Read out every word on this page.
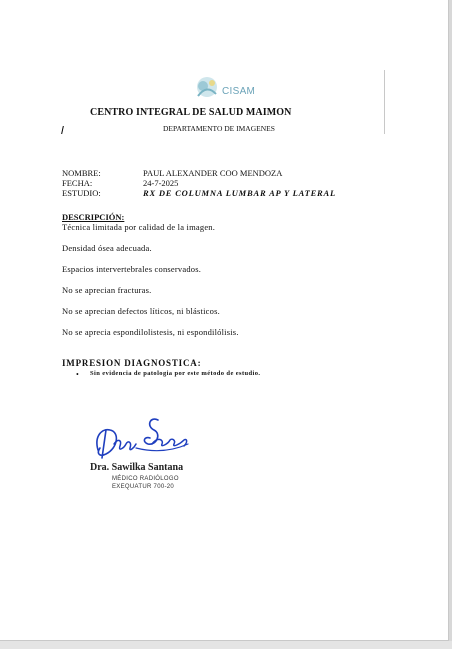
CISAM
CENTRO INTEGRAL DE SALUD MAIMON
DEPARTAMENTO DE IMAGENES
NOMBRE:	PAUL ALEXANDER COO MENDOZA
FECHA:	24-7-2025
ESTUDIO:	RX DE COLUMNA LUMBAR AP Y LATERAL
DESCRIPCIÓN:
Técnica limitada por calidad de la imagen.
Densidad ósea adecuada.
Espacios intervertebrales conservados.
No se aprecian fracturas.
No se aprecian defectos líticos, ni blásticos.
No se aprecia espondilolistesis, ni espondilólisis.
IMPRESION DIAGNOSTICA:
• Sin evidencia de patologia por este método de estudio.
Dra. Sawilka Santana
MÉDICO RADIÓLOGO
EXEQUATUR 700-20
